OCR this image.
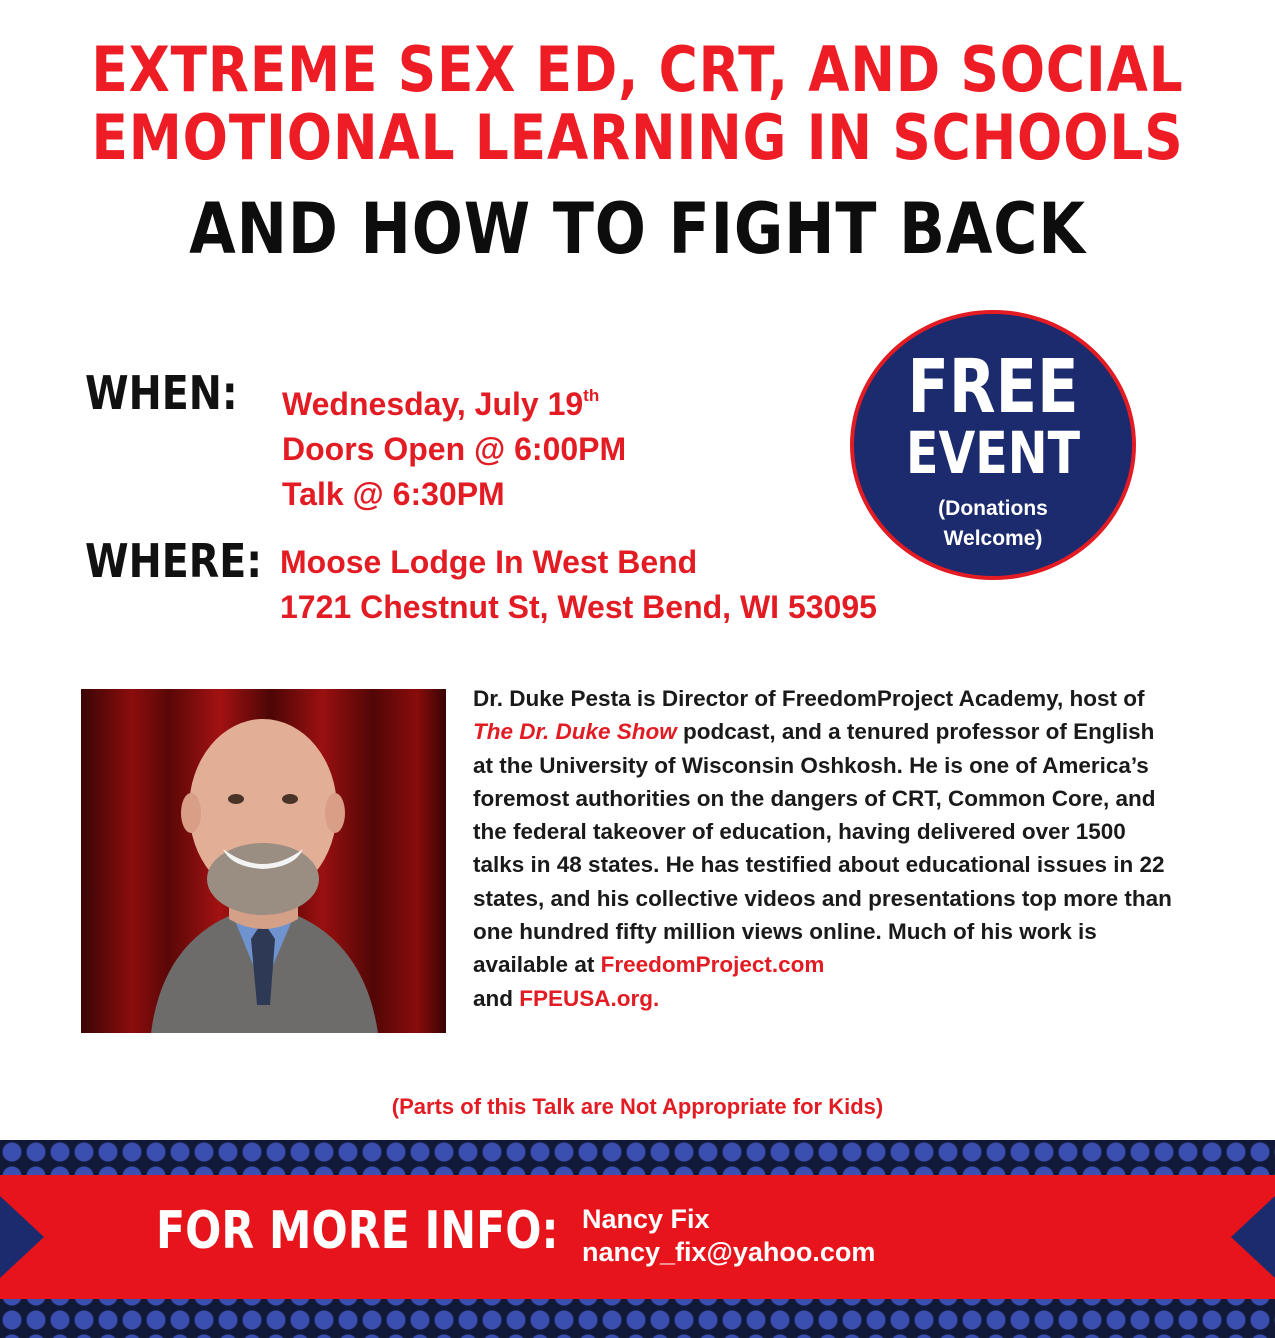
EXTREME SEX ED, CRT, AND SOCIAL
EMOTIONAL LEARNING IN SCHOOLS
AND HOW TO FIGHT BACK
WHEN: Wednesday, July 19th
Doors Open @ 6:00PM
Talk @ 6:30PM
WHERE: Moose Lodge In West Bend
1721 Chestnut St, West Bend, WI 53095
FREE
EVENT
(Donations
Welcome)
Dr. Duke Pesta is Director of FreedomProject Academy, host of The Dr. Duke Show podcast, and a tenured professor of English at the University of Wisconsin Oshkosh. He is one of America’s foremost authorities on the dangers of CRT, Common Core, and the federal takeover of education, having delivered over 1500 talks in 48 states. He has testified about educational issues in 22 states, and his collective videos and presentations top more than one hundred fifty million views online. Much of his work is available at FreedomProject.com
and FPEUSA.org.
(Parts of this Talk are Not Appropriate for Kids)
FOR MORE INFO: Nancy Fix
nancy_fix@yahoo.com
